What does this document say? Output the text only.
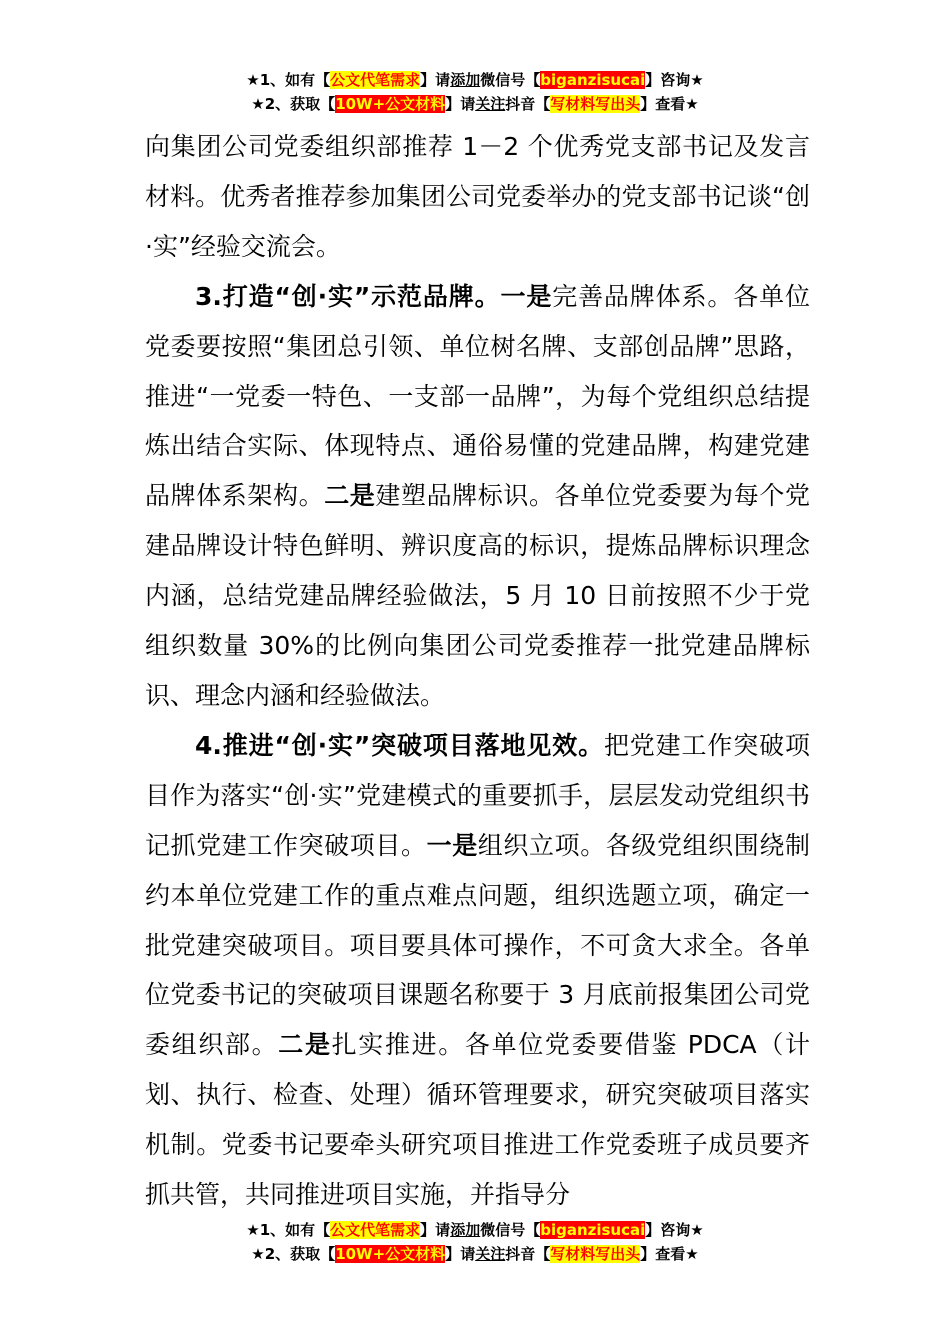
★1、如有【公文代笔需求】请添加微信号【biganzisucai】咨询★
★2、获取【10W+公文材料】请关注抖音【写材料写出头】查看★

向集团公司党委组织部推荐 1－2 个优秀党支部书记及发言材料。优秀者推荐参加集团公司党委举办的党支部书记谈“创·实”经验交流会。

3.打造“创·实”示范品牌。一是完善品牌体系。各单位党委要按照“集团总引领、单位树名牌、支部创品牌”思路，推进“一党委一特色、一支部一品牌”，为每个党组织总结提炼出结合实际、体现特点、通俗易懂的党建品牌，构建党建品牌体系架构。二是建塑品牌标识。各单位党委要为每个党建品牌设计特色鲜明、辨识度高的标识，提炼品牌标识理念内涵，总结党建品牌经验做法，5 月 10 日前按照不少于党组织数量 30%的比例向集团公司党委推荐一批党建品牌标识、理念内涵和经验做法。

4.推进“创·实”突破项目落地见效。把党建工作突破项目作为落实“创·实”党建模式的重要抓手，层层发动党组织书记抓党建工作突破项目。一是组织立项。各级党组织围绕制约本单位党建工作的重点难点问题，组织选题立项，确定一批党建突破项目。项目要具体可操作，不可贪大求全。各单位党委书记的突破项目课题名称要于 3 月底前报集团公司党委组织部。二是扎实推进。各单位党委要借鉴 PDCA（计划、执行、检查、处理）循环管理要求，研究突破项目落实机制。党委书记要牵头研究项目推进工作党委班子成员要齐抓共管，共同推进项目实施，并指导分

★1、如有【公文代笔需求】请添加微信号【biganzisucai】咨询★
★2、获取【10W+公文材料】请关注抖音【写材料写出头】查看★
